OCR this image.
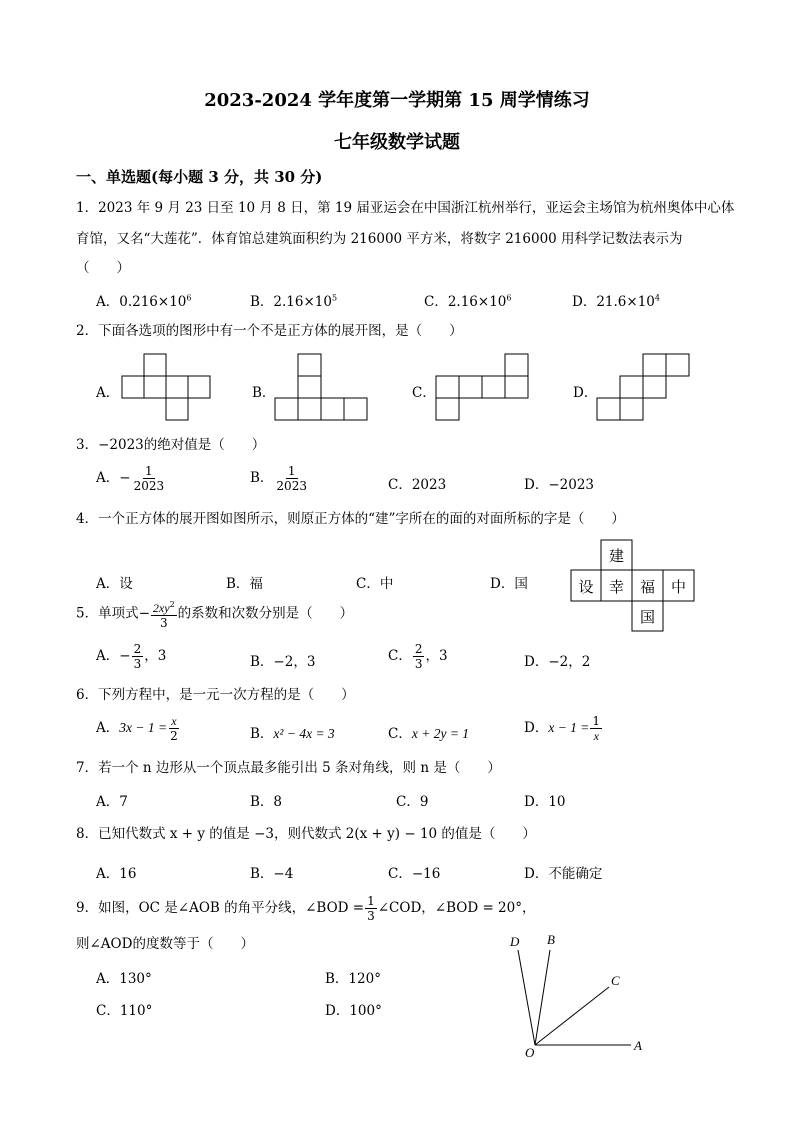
2023-2024 学年度第一学期第 15 周学情练习
七年级数学试题
一、单选题(每小题 3 分，共 30 分)
1．2023 年 9 月 23 日至 10 月 8 日，第 19 届亚运会在中国浙江杭州举行，亚运会主场馆为杭州奥体中心体
育馆，又名“大莲花”．体育馆总建筑面积约为 216000 平方米，将数字 216000 用科学记数法表示为
（　　）
A．$0.216\times 10^6$	B．$2.16\times 10^5$	C．$2.16\times 10^6$	D．$21.6\times 10^4$
2．下面各选项的图形中有一个不是正方体的展开图，是（　　）
A．	B．	C．	D．
3．−2023的绝对值是（　　）
A．− $\frac{1}{2023}$	B． $\frac{1}{2023}$	C．2023	D．−2023
4．一个正方体的展开图如图所示，则原正方体的“建”字所在的面的对面所标的字是（　　）
A．设	B．福	C．中	D．国
建
设 幸 福 中
国
5．单项式− $\frac{2xy^2}{3}$ 的系数和次数分别是（　　）
A．− $\frac{2}{3}$ ，3	B．−2，3	C． $\frac{2}{3}$ ，3	D．−2，2
6．下列方程中，是一元一次方程的是（　　）
A．$3x - 1 = \frac{x}{2}$	B．x² − 4x = 3	C．x + 2y = 1	D．$x - 1 = \frac{1}{x}$
7．若一个 n 边形从一个顶点最多能引出 5 条对角线，则 n 是（　　）
A．7	B．8	C．9	D．10
8．已知代数式 x + y 的值是 −3，则代数式 2(x + y) − 10 的值是（　　）
A．16	B．−4	C．−16	D．不能确定
9．如图，OC 是∠AOB 的角平分线，∠BOD = $\frac{1}{3}$ ∠COD，∠BOD = 20°，
则∠AOD的度数等于（　　）
A．130°	B．120°
C．110°	D．100°
D B
C
O	A
